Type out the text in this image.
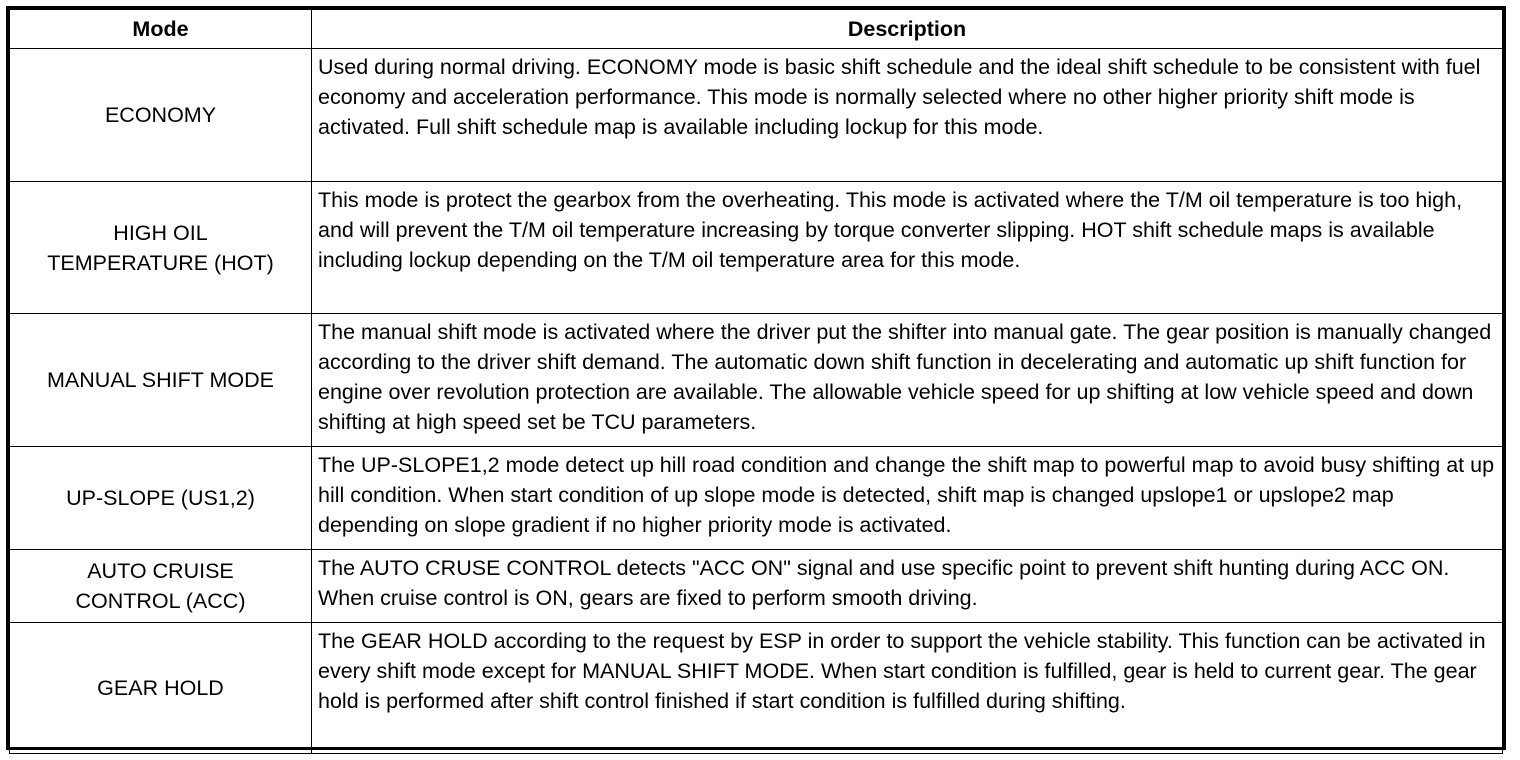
Mode	Description
ECONOMY	Used during normal driving. ECONOMY mode is basic shift schedule and the ideal shift schedule to be consistent with fuel economy and acceleration performance. This mode is normally selected where no other higher priority shift mode is activated. Full shift schedule map is available including lockup for this mode.
HIGH OIL
TEMPERATURE (HOT)	This mode is protect the gearbox from the overheating. This mode is activated where the T/M oil temperature is too high, and will prevent the T/M oil temperature increasing by torque converter slipping. HOT shift schedule maps is available including lockup depending on the T/M oil temperature area for this mode.
MANUAL SHIFT MODE	The manual shift mode is activated where the driver put the shifter into manual gate. The gear position is manually changed according to the driver shift demand. The automatic down shift function in decelerating and automatic up shift function for engine over revolution protection are available. The allowable vehicle speed for up shifting at low vehicle speed and down shifting at high speed set be TCU parameters.
UP-SLOPE (US1,2)	The UP-SLOPE1,2 mode detect up hill road condition and change the shift map to powerful map to avoid busy shifting at up hill condition. When start condition of up slope mode is detected, shift map is changed upslope1 or upslope2 map depending on slope gradient if no higher priority mode is activated.
AUTO CRUISE
CONTROL (ACC)	The AUTO CRUSE CONTROL detects "ACC ON" signal and use specific point to prevent shift hunting during ACC ON. When cruise control is ON, gears are fixed to perform smooth driving.
GEAR HOLD	The GEAR HOLD according to the request by ESP in order to support the vehicle stability. This function can be activated in every shift mode except for MANUAL SHIFT MODE. When start condition is fulfilled, gear is held to current gear. The gear hold is performed after shift control finished if start condition is fulfilled during shifting.
